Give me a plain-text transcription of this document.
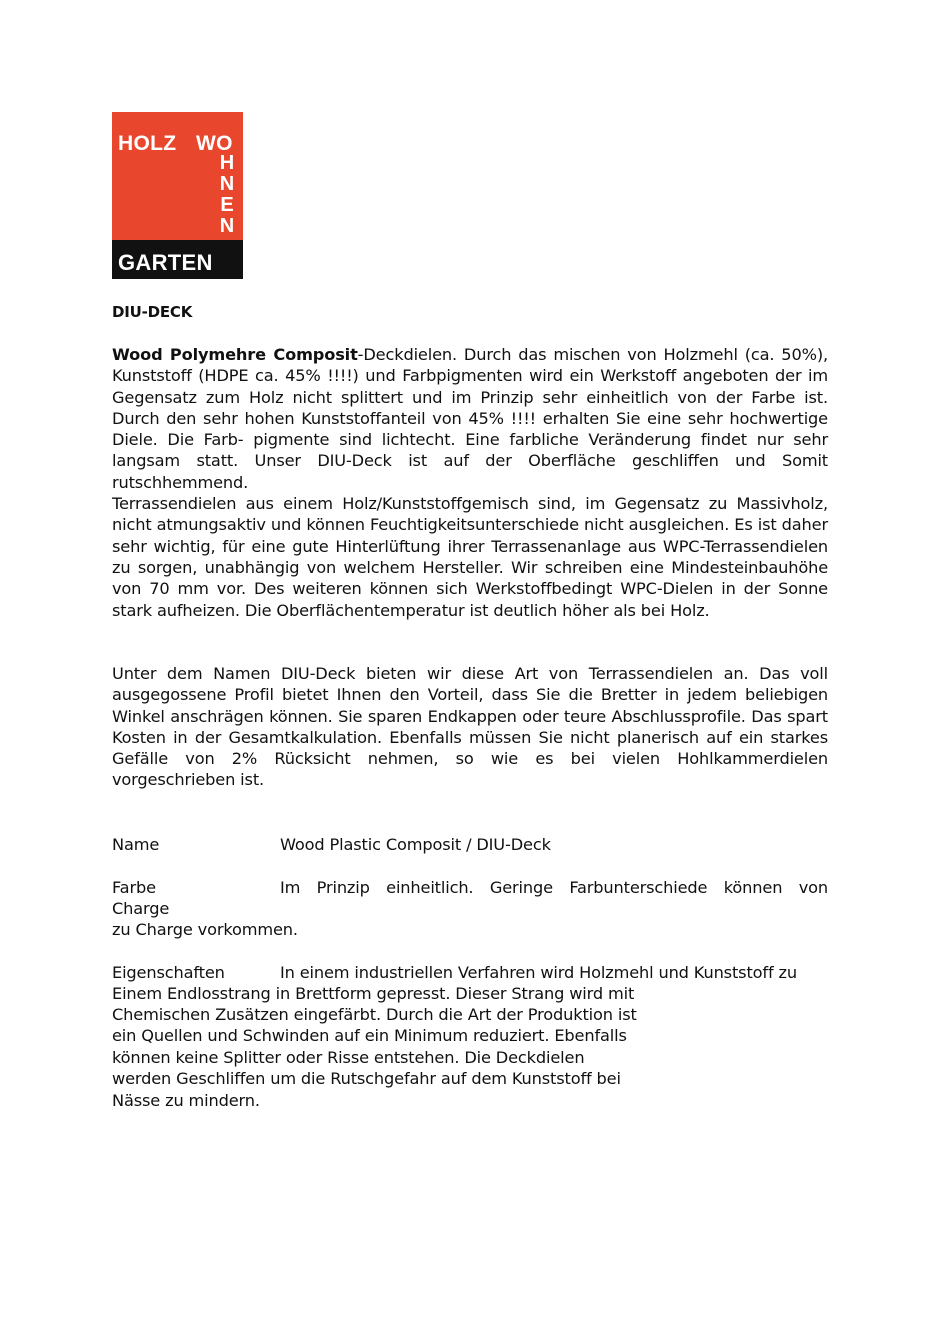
HOLZ WO
H
N
E
N
GARTEN
DIU-DECK

Wood Polymehre Composit-Deckdielen. Durch das mischen von Holzmehl (ca. 50%), Kunststoff (HDPE ca. 45% !!!!) und Farbpigmenten wird ein Werkstoff angeboten der im Gegensatz zum Holz nicht splittert und im Prinzip sehr einheitlich von der Farbe ist. Durch den sehr hohen Kunststoffanteil von 45% !!!! erhalten Sie eine sehr hochwertige Diele. Die Farb- pigmente sind lichtecht. Eine farbliche Veränderung findet nur sehr langsam statt. Unser DIU-Deck ist auf der Oberfläche geschliffen und Somit rutschhemmend.
Terrassendielen aus einem Holz/Kunststoffgemisch sind, im Gegensatz zu Massivholz, nicht atmungsaktiv und können Feuchtigkeitsunterschiede nicht ausgleichen. Es ist daher sehr wichtig, für eine gute Hinterlüftung ihrer Terrassenanlage aus WPC-Terrassendielen zu sorgen, unabhängig von welchem Hersteller. Wir schreiben eine Mindesteinbauhöhe von 70 mm vor. Des weiteren können sich Werkstoffbedingt WPC-Dielen in der Sonne stark aufheizen. Die Oberflächentemperatur ist deutlich höher als bei Holz.

Unter dem Namen DIU-Deck bieten wir diese Art von Terrassendielen an. Das voll ausgegossene Profil bietet Ihnen den Vorteil, dass Sie die Bretter in jedem beliebigen Winkel anschrägen können. Sie sparen Endkappen oder teure Abschlussprofile. Das spart Kosten in der Gesamtkalkulation. Ebenfalls müssen Sie nicht planerisch auf ein starkes Gefälle von 2% Rücksicht nehmen, so wie es bei vielen Hohlkammerdielen vorgeschrieben ist.

Name	Wood Plastic Composit / DIU-Deck
Farbe	Im Prinzip einheitlich. Geringe Farbunterschiede können von
Charge
zu Charge vorkommen.
Eigenschaften	In einem industriellen Verfahren wird Holzmehl und Kunststoff zu
Einem Endlosstrang in Brettform gepresst. Dieser Strang wird mit
Chemischen Zusätzen eingefärbt. Durch die Art der Produktion ist
ein Quellen und Schwinden auf ein Minimum reduziert. Ebenfalls
können keine Splitter oder Risse entstehen. Die Deckdielen
werden Geschliffen um die Rutschgefahr auf dem Kunststoff bei
Nässe zu mindern.
